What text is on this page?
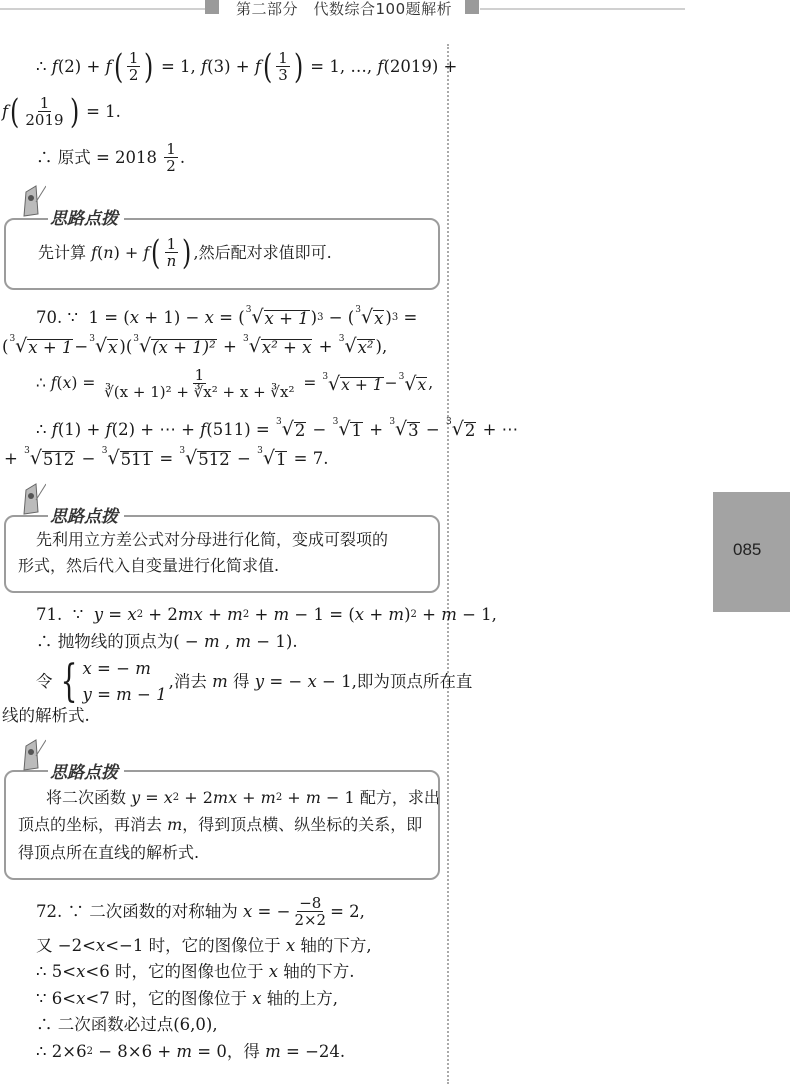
第二部分　代数综合100题解析
085
∴ f (2) + f ( $\frac{1}{2}$ ) = 1, f (3) + f ( $\frac{1}{3}$ ) = 1, …, f (2019) +
f ( $\frac{1}{2019}$ ) = 1.
∴ 原式 = $2018 \frac{1}{2}$ .
思路点拨
先计算 f ( n ) + f ( $\frac{1}{n}$ ) ,然后配对求值即可.
70. ∵  1 = ( x + 1) − x = ( 3 √ x + 1 ) 3 − ( 3 √ x ) 3 =
( 3 √ x + 1 − 3 √ x )( 3 √ (x + 1)² + 3 √ x² + x + 3 √ x² ),
∴ f ( x ) = $\frac{1}{\text{∛(x + 1)² + ∛x² + x + ∛x²}} = 3$ √ x + 1 − 3 √ x ,
∴ f (1) + f (2) + ⋯ + f (511) = 3 √ 2 − 3 √ 1 + 3 √ 3 − 3 √ 2 + ⋯
+ 3 √ 512 − 3 √ 511 = 3 √ 512 − 3 √ 1 = 7.
思路点拨
先利用立方差公式对分母进行化简，变成可裂项的
形式，然后代入自变量进行化简求值.
71.  ∵ y = x 2 + 2 mx + m 2 + m − 1 = ( x + m ) 2 + m − 1,
∴ 抛物线的顶点为( − m , m − 1).
令 { x = − m
y = m − 1
,消去 m 得 y = − x − 1,即为顶点所在直
线的解析式.
思路点拨
将二次函数 y = x 2 + 2 mx + m 2 + m − 1 配方，求出
顶点的坐标，再消去 m ，得到顶点横、纵坐标的关系，即
得顶点所在直线的解析式.
72. ∵ 二次函数的对称轴为 x = − $\frac{-8}{2\times 2} = 2$,
又 −2< x <−1 时，它的图像位于 x 轴的下方,
∴ 5< x <6 时，它的图像也位于 x 轴的下方.
∵ 6< x <7 时，它的图像位于 x 轴的上方,
∴ 二次函数必过点(6,0),
∴ 2×6 2 − 8×6 + m = 0，得 m = −24.
